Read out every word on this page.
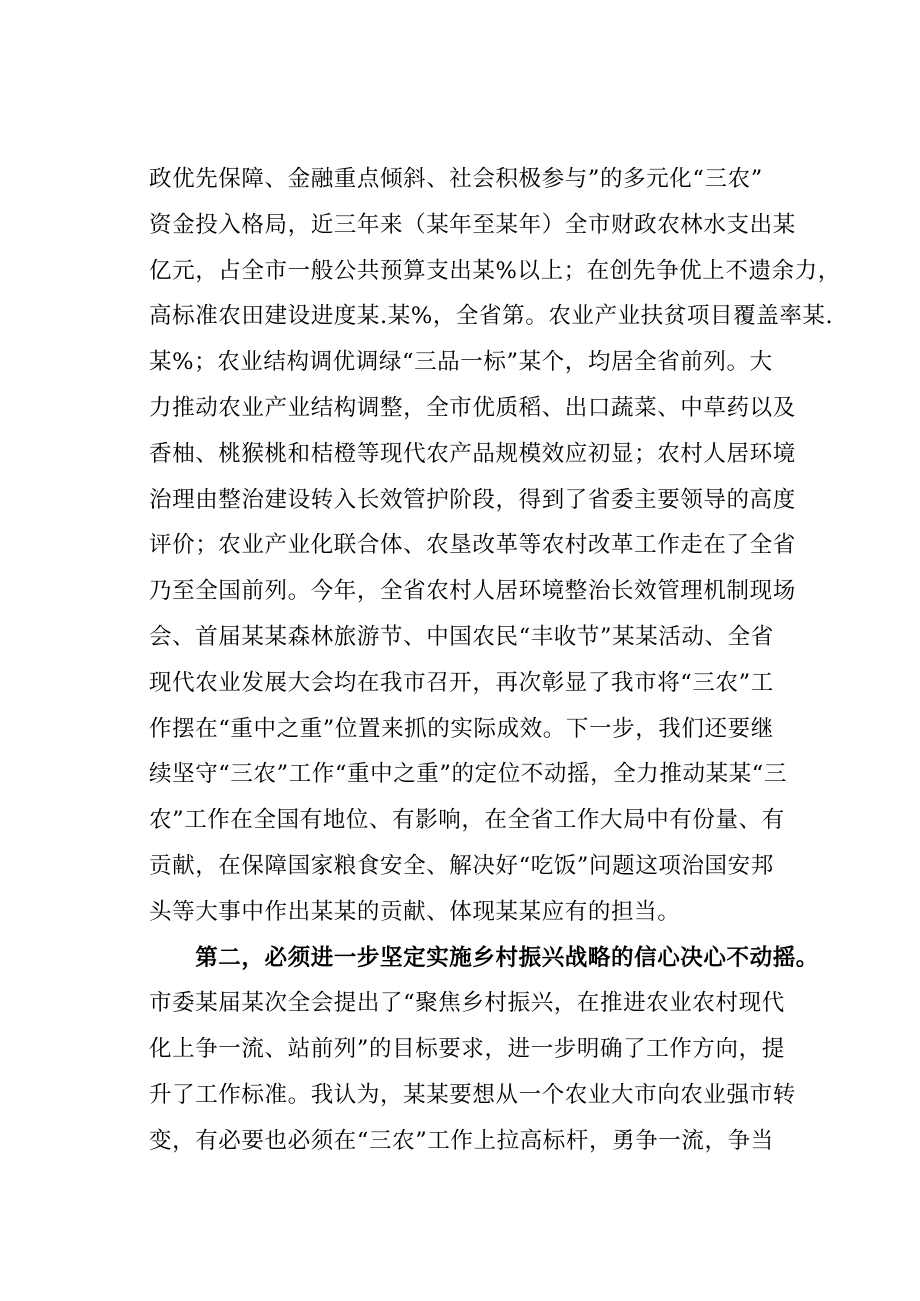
政优先保障、金融重点倾斜、社会积极参与”的多元化“三农”
资金投入格局，近三年来（某年至某年）全市财政农林水支出某
亿元，占全市一般公共预算支出某%以上；在创先争优上不遗余力，
高标准农田建设进度某.某%，全省第。农业产业扶贫项目覆盖率某.
某%；农业结构调优调绿“三品一标”某个，均居全省前列。大
力推动农业产业结构调整，全市优质稻、出口蔬菜、中草药以及
香柚、桃猴桃和桔橙等现代农产品规模效应初显；农村人居环境
治理由整治建设转入长效管护阶段，得到了省委主要领导的高度
评价；农业产业化联合体、农垦改革等农村改革工作走在了全省
乃至全国前列。今年，全省农村人居环境整治长效管理机制现场
会、首届某某森林旅游节、中国农民“丰收节”某某活动、全省
现代农业发展大会均在我市召开，再次彰显了我市将“三农”工
作摆在“重中之重”位置来抓的实际成效。下一步，我们还要继
续坚守“三农”工作“重中之重”的定位不动摇，全力推动某某“三
农”工作在全国有地位、有影响，在全省工作大局中有份量、有
贡献，在保障国家粮食安全、解决好“吃饭”问题这项治国安邦
头等大事中作出某某的贡献、体现某某应有的担当。
　　第二，必须进一步坚定实施乡村振兴战略的信心决心不动摇。
市委某届某次全会提出了“聚焦乡村振兴，在推进农业农村现代
化上争一流、站前列”的目标要求，进一步明确了工作方向，提
升了工作标准。我认为，某某要想从一个农业大市向农业强市转
变，有必要也必须在“三农”工作上拉高标杆，勇争一流，争当
